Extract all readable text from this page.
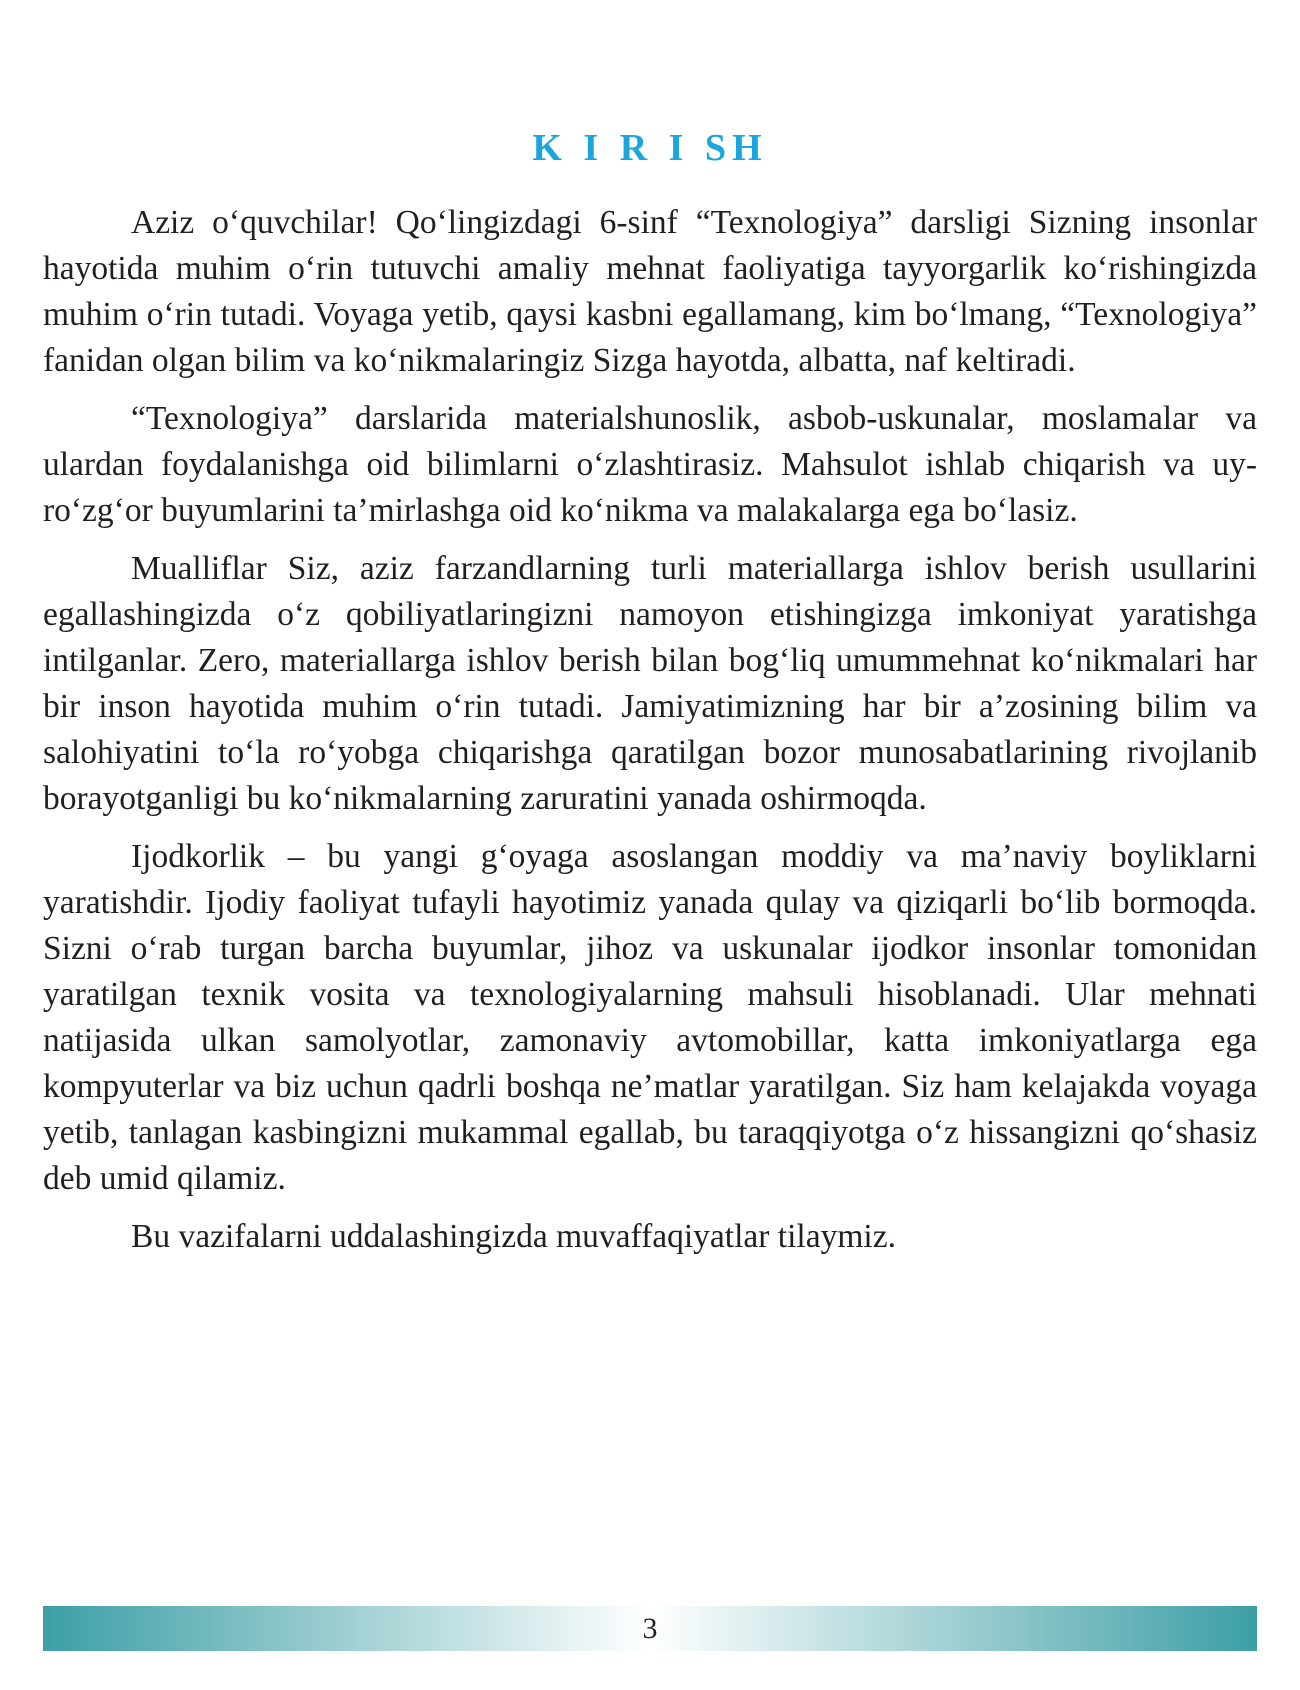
K I R I SH

Aziz o‘quvchilar! Qo‘lingizdagi 6-sinf “Texnologiya” darsligi Sizning insonlar hayotida muhim o‘rin tutuvchi amaliy mehnat faoliyatiga tayyorgarlik ko‘rishingizda muhim o‘rin tutadi. Voyaga yetib, qaysi kasbni egallamang, kim bo‘lmang, “Texnologiya” fanidan olgan bilim va ko‘nikmalaringiz Sizga hayotda, albatta, naf keltiradi.

“Texnologiya” darslarida materialshunoslik, asbob-uskunalar, moslamalar va ulardan foydalanishga oid bilimlarni o‘zlashtirasiz. Mahsulot ishlab chiqarish va uy-ro‘zg‘or buyumlarini ta’mirlashga oid ko‘nikma va malakalarga ega bo‘lasiz.

Mualliflar Siz, aziz farzandlarning turli materiallarga ishlov berish usullarini egallashingizda o‘z qobiliyatlaringizni namoyon etishingizga imkoniyat yaratishga intilganlar. Zero, materiallarga ishlov berish bilan bog‘liq umummehnat ko‘nikmalari har bir inson hayotida muhim o‘rin tutadi. Jamiyatimizning har bir a’zosining bilim va salohiyatini to‘la ro‘yobga chiqarishga qaratilgan bozor munosabatlarining rivojlanib borayotganligi bu ko‘nikmalarning zaruratini yanada oshirmoqda.

Ijodkorlik – bu yangi g‘oyaga asoslangan moddiy va ma’naviy boyliklarni yaratishdir. Ijodiy faoliyat tufayli hayotimiz yanada qulay va qiziqarli bo‘lib bormoqda. Sizni o‘rab turgan barcha buyumlar, jihoz va uskunalar ijodkor insonlar tomonidan yaratilgan texnik vosita va texnologiyalarning mahsuli hisoblanadi. Ular mehnati natijasida ulkan samolyotlar, zamonaviy avtomobillar, katta imkoniyatlarga ega kompyuterlar va biz uchun qadrli boshqa ne’matlar yaratilgan. Siz ham kelajakda voyaga yetib, tanlagan kasbingizni mukammal egallab, bu taraqqiyotga o‘z hissangizni qo‘shasiz deb umid qilamiz.

Bu vazifalarni uddalashingizda muvaffaqiyatlar tilaymiz.

3
